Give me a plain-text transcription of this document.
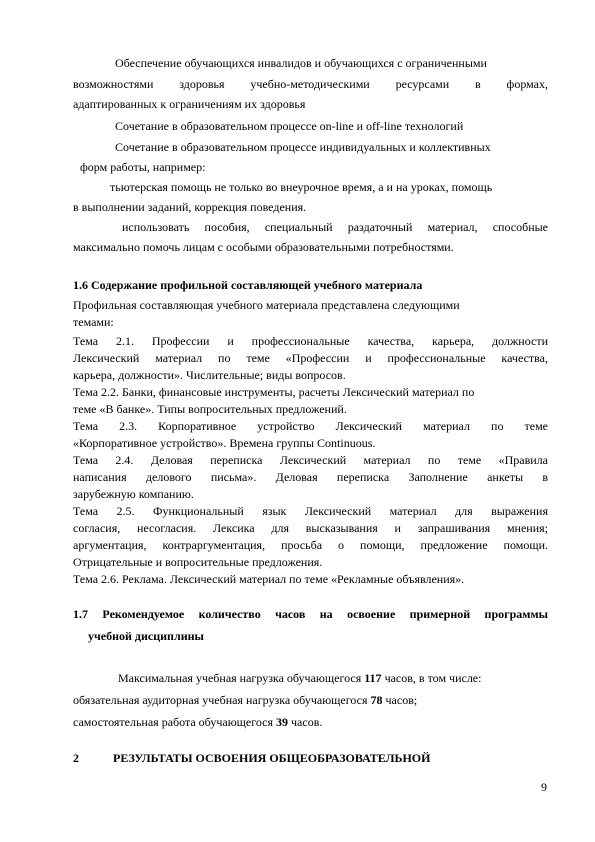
Обеспечение обучающихся инвалидов и обучающихся с ограниченными
возможностями здоровья учебно-методическими ресурсами в формах,
адаптированных к ограничениям их здоровья
Сочетание в образовательном процессе on-line и off-line технологий
Сочетание в образовательном процессе индивидуальных и коллективных
форм работы, например:
тьютерская помощь не только во внеурочное время, а и на уроках, помощь
в выполнении заданий, коррекция поведения.
использовать пособия, специальный раздаточный материал, способные
максимально помочь лицам с особыми образовательными потребностями.
1.6 Содержание профильной составляющей учебного материала
Профильная составляющая учебного материала представлена следующими
темами:
Тема 2.1. Профессии и профессиональные качества, карьера, должности
Лексический материал по теме «Профессии и профессиональные качества,
карьера, должности». Числительные; виды вопросов.
Тема 2.2. Банки, финансовые инструменты, расчеты Лексический материал по
теме «В банке». Типы вопросительных предложений.
Тема 2.3. Корпоративное устройство Лексический материал по теме
«Корпоративное устройство». Времена группы Continuous.
Тема 2.4. Деловая переписка Лексический материал по теме «Правила
написания делового письма». Деловая переписка Заполнение анкеты в
зарубежную компанию.
Тема 2.5. Функциональный язык Лексический материал для выражения
согласия, несогласия. Лексика для высказывания и запрашивания мнения;
аргументация, контраргументация, просьба о помощи, предложение помощи.
Отрицательные и вопросительные предложения.
Тема 2.6. Реклама. Лексический материал по теме «Рекламные объявления».
1.7 Рекомендуемое количество часов на освоение примерной программы
учебной дисциплины
Максимальная учебная нагрузка обучающегося 117 часов, в том числе:
обязательная аудиторная учебная нагрузка обучающегося 78 часов;
самостоятельная работа обучающегося 39 часов.
2	РЕЗУЛЬТАТЫ ОСВОЕНИЯ ОБЩЕОБРАЗОВАТЕЛЬНОЙ
9
